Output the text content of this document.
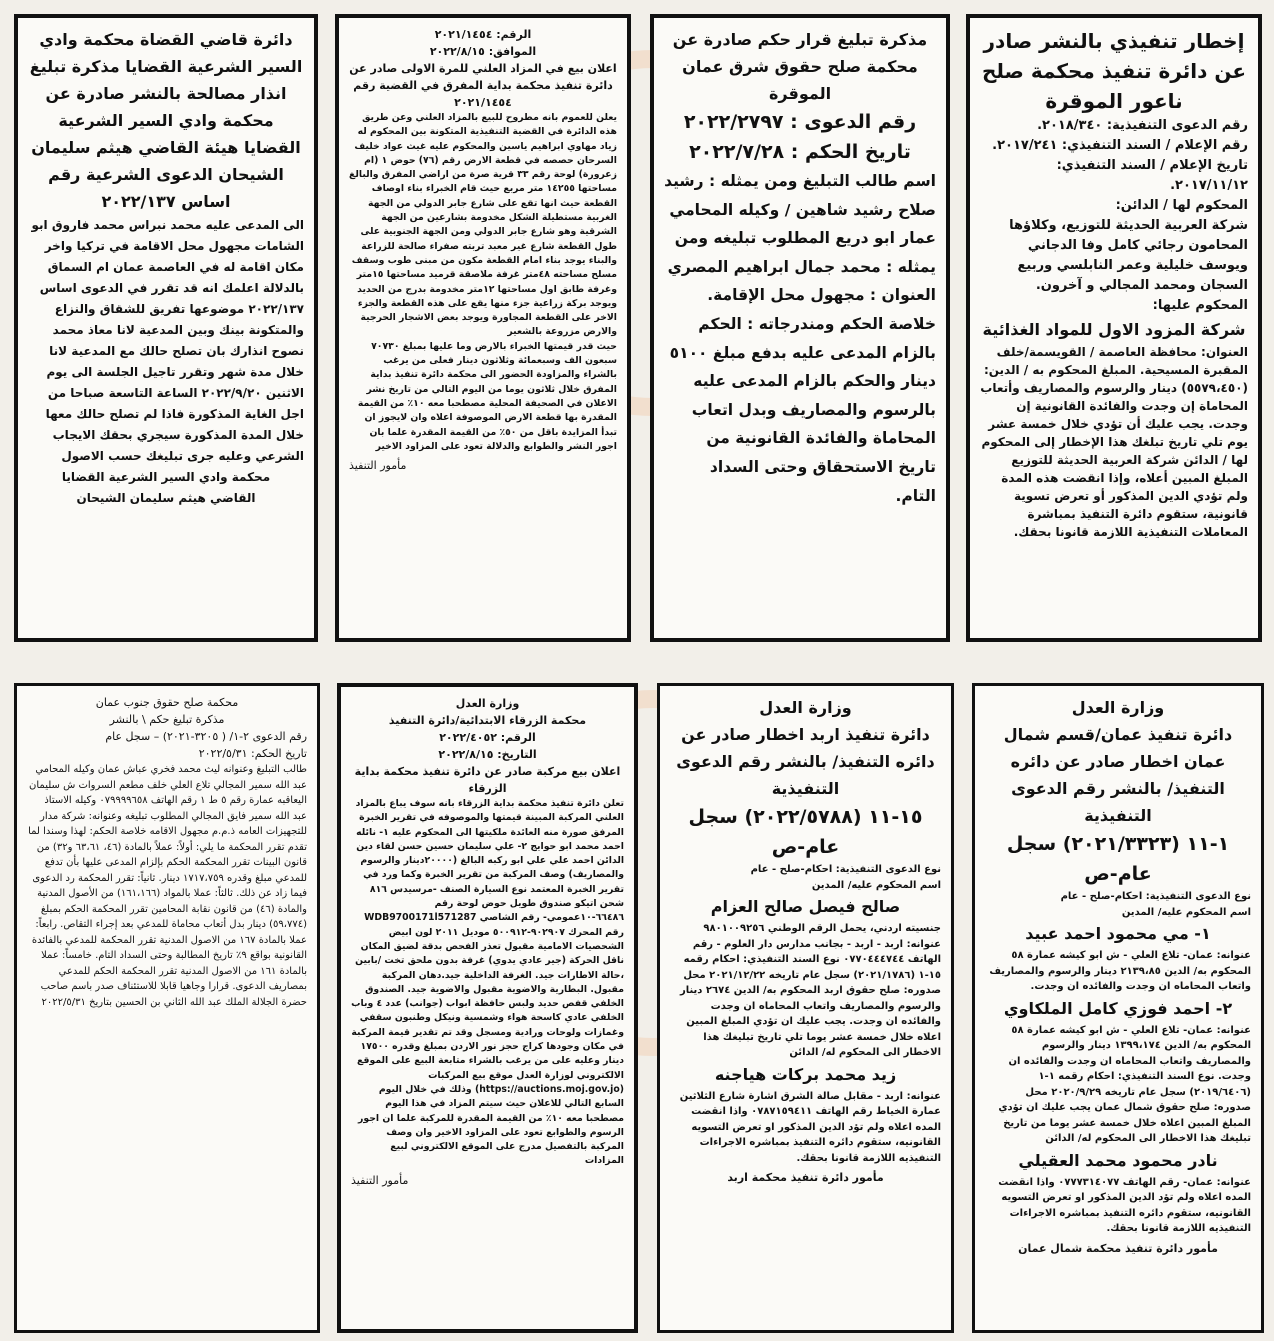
إخطار تنفيذي بالنشر صادر عن دائرة تنفيذ محكمة صلح ناعور الموقرة

رقم الدعوى التنفيذية: ٢٠١٨/٣٤٠.

رقم الإعلام / السند التنفيذي: ٢٠١٧/٢٤١.

تاريخ الإعلام / السند التنفيذي: ٢٠١٧/١١/١٢.

المحكوم لها / الدائن:

شركة العربية الحديثة للتوزيع، وكلاؤها المحامون رجائي كامل وفا الدجاني ويوسف خليلية وعمر النابلسي وربيع السجان ومحمد المجالي و آخرون.

المحكوم عليها:

شركة المزود الاول للمواد الغذائية

العنوان: محافظة العاصمة / القويسمة/خلف المقبرة المسيحية. المبلغ المحكوم به / الدين: (٥٥٧٩،٤٥٠) دينار والرسوم والمصاريف وأتعاب المحاماة إن وجدت والفائدة القانونية إن وجدت. يجب عليك أن تؤدي خلال خمسة عشر يوم تلي تاريخ تبلغك هذا الإخطار إلى المحكوم لها / الدائن شركة العربية الحديثة للتوزيع المبلغ المبين أعلاه، وإذا انقضت هذه المدة ولم تؤدي الدين المذكور أو تعرض تسوية قانونية، ستقوم دائرة التنفيذ بمباشرة المعاملات التنفيذية اللازمة قانونا بحقك.

مذكرة تبليغ قرار حكم صادرة عن محكمة صلح حقوق شرق عمان الموقرة

رقم الدعوى : ٢٠٢٢/٢٧٩٧

تاريخ الحكم : ٢٠٢٢/٧/٢٨

اسم طالب التبليغ ومن يمثله : رشيد صلاح رشيد شاهين / وكيله المحامي عمار ابو دريع المطلوب تبليغه ومن يمثله : محمد جمال ابراهيم المصري العنوان : مجهول محل الإقامة. خلاصة الحكم ومندرجاته : الحكم بالزام المدعى عليه بدفع مبلغ ٥١٠٠ دينار والحكم بالزام المدعى عليه بالرسوم والمصاريف وبدل اتعاب المحاماة والفائدة القانونية من تاريخ الاستحقاق وحتى السداد التام.

الرقم: ٢٠٢١/١٤٥٤

الموافق: ٢٠٢٢/٨/١٥

اعلان بيع في المزاد العلني للمرة الاولى صادر عن دائرة تنفيذ محكمة بداية المفرق في القضية رقم ٢٠٢١/١٤٥٤

يعلن للعموم بانه مطروح للبيع بالمزاد العلني وعن طريق هذه الدائرة في القضية التنفيذية المتكونة بين المحكوم له زياد مهاوي ابراهيم ياسين والمحكوم عليه غيث عواد خليف السرحان حصصه في قطعة الارض رقم (٧٦) حوض ١ (ام زعرورة) لوحة رقم ٣٣ قرية صرة من اراضي المفرق والبالغ مساحتها ١٤٢٥٥ متر مربع حيث قام الخبراء بناء اوصاف القطعة حيث انها تقع على شارع جابر الدولي من الجهة الغربية مستطيلة الشكل مخدومة بشارعين من الجهة الشرقية وهو شارع جابر الدولي ومن الجهة الجنوبية على طول القطعة شارع غير معبد تربته صفراء صالحة للزراعة والبناء يوجد بناء امام القطعة مكون من مبنى طوب وسقف مسلح مساحته ٤٨متر غرفة ملاصقة قرميد مساحتها ١٥متر وغرفة طابق اول مساحتها ١٢متر مخدومة بدرج من الحديد ويوجد بركة زراعية جزء منها يقع على هذه القطعة والجزء الاخر على القطعة المجاورة ويوجد بعض الاشجار الحرجية والارض مزروعة بالشعير

حيث قدر قيمتها الخبراء بالارض وما عليها بمبلغ ٧٠٧٣٠ سبعون الف وسبعمائة وثلاثون دينار فعلى من يرغب بالشراء والمزاودة الحضور الى محكمة دائرة تنفيذ بداية المفرق خلال ثلاثون يوما من اليوم التالي من تاريخ نشر الاعلان في الصحيفة المحلية مصطحبا معه ١٠٪ من القيمة المقدرة بها قطعة الارض الموصوفة اعلاه وان لايجوز ان تبدأ المزايدة باقل من ٥٠٪ من القيمة المقدرة علما بان اجور النشر والطوابع والدلالة تعود على المزاود الاخير

مأمور التنفيذ

دائرة قاضي القضاة محكمة وادي السير الشرعية القضايا مذكرة تبليغ انذار مصالحة بالنشر صادرة عن محكمة وادي السير الشرعية القضايا هيئة القاضي هيثم سليمان الشيحان الدعوى الشرعية رقم اساس ٢٠٢٢/١٣٧

الى المدعى عليه محمد نبراس محمد فاروق ابو الشامات مجهول محل الاقامة في تركيا واخر مكان اقامة له في العاصمة عمان ام السماق بالدلالة اعلمك انه قد تقرر في الدعوى اساس ٢٠٢٢/١٣٧ موضوعها تفريق للشقاق والنزاع والمتكونة بينك وبين المدعية لانا معاذ محمد نصوح انذارك بان تصلح حالك مع المدعية لانا خلال مدة شهر وتقرر تاجيل الجلسة الى يوم الاثنين ٢٠٢٢/٩/٢٠ الساعة التاسعة صباحا من اجل الغاية المذكورة فاذا لم تصلح حالك معها خلال المدة المذكورة سيجري بحقك الايجاب الشرعي وعليه جرى تبليغك حسب الاصول

محكمة وادي السير الشرعية القضايا

القاضي هيثم سليمان الشيحان

وزارة العدل

دائرة تنفيذ عمان/قسم شمال عمان اخطار صادر عن دائره التنفيذ/ بالنشر رقم الدعوى التنفيذية

١-١١ (٢٠٢١/٣٣٢٣) سجل عام-ص

نوع الدعوى التنفيذية: احكام-صلح - عام

اسم المحكوم عليه/ المدين

١- مي محمود احمد عبيد

عنوانه: عمان- تلاع العلي - ش ابو كيشه عمارة ٥٨ المحكوم به/ الدين ٢١٣٩،٨٥ دينار والرسوم والمصاريف واتعاب المحاماه ان وجدت والفائده ان وجدت.

٢- احمد فوزي كامل الملكاوي

عنوانه: عمان- تلاع العلي - ش ابو كيشه عمارة ٥٨ المحكوم به/ الدين ١٣٩٩،١٧٤ دينار والرسوم والمصاريف واتعاب المحاماه ان وجدت والفائده ان وجدت. نوع السند التنفيذي: احكام رقمه ١-١ (٢٠١٩/٦٤٠٦) سجل عام تاريخه ٢٠٢٠/٩/٢٩ محل صدوره: صلح حقوق شمال عمان يجب عليك ان تؤدي المبلغ المبين اعلاه خلال خمسة عشر يوما من تاريخ تبليغك هذا الاخطار الى المحكوم له/ الدائن

نادر محمود محمد العقيلي

عنوانه: عمان- رقم الهاتف ٠٧٧٧٣١٤٠٧٧ واذا انقضت المده اعلاه ولم تؤد الدين المذكور او تعرض التسويه القانونيه، ستقوم دائره التنفيذ بمباشره الاجراءات التنفيذيه اللازمة قانونا بحقك.

مأمور دائرة تنفيذ محكمة شمال عمان

وزارة العدل

دائرة تنفيذ اربد اخطار صادر عن دائره التنفيذ/ بالنشر رقم الدعوى التنفيذية

١٥-١١ (٢٠٢٢/٥٧٨٨) سجل عام-ص

نوع الدعوى التنفيذية: احكام-صلح - عام

اسم المحكوم عليه/ المدين

صالح فيصل صالح العزام

جنسيته اردني، يحمل الرقم الوطني ٩٨٠١٠٠٩٢٥٦ عنوانه: اربد - اربد - بجانب مدارس دار العلوم - رقم الهاتف ٠٧٧٠٤٤٤٧٤٤ نوع السند التنفيذي: احكام رقمه ١٥-١ (٢٠٢١/١٧٨٦) سجل عام تاريخه ٢٠٢١/١٢/٢٢ محل صدوره: صلح حقوق اربد المحكوم به/ الدين ٢٦٧٤ دينار والرسوم والمصاريف واتعاب المحاماه ان وجدت والفائده ان وجدت. يجب عليك ان تؤدي المبلغ المبين اعلاه خلال خمسة عشر يوما تلي تاريخ تبليغك هذا الاخطار الى المحكوم له/ الدائن

زيد محمد بركات هياجنه

عنوانه: اربد - مقابل صالة الشرق اشارة شارع الثلاثين عمارة الخياط رقم الهاتف ٠٧٨٧١٥٩٤١١ واذا انقضت المده اعلاه ولم تؤد الدين المذكور او تعرض التسويه القانونيه، ستقوم دائره التنفيذ بمباشره الاجراءات التنفيذيه اللازمة قانونا بحقك.

مأمور دائرة تنفيذ محكمة اربد

وزارة العدل

محكمة الزرقاء الابتدائية/دائرة التنفيذ

الرقم: ٢٠٢٢/٤٠٥٢

التاريخ: ٢٠٢٢/٨/١٥

اعلان بيع مركبة صادر عن دائرة تنفيذ محكمة بداية الزرقاء

تعلن دائرة تنفيذ محكمة بداية الزرقاء بانه سوف يباع بالمزاد العلني المركبة المبينة قيمتها والموصوفه في تقرير الخبرة المرفق صورة منه العائدة ملكيتها الى المحكوم عليه ١- نائله احمد محمد ابو حوايج ٢- علي سليمان حسين حسن لقاء دين الدائن احمد علي علي ابو ركبه البالغ (٢٠٠٠٠دينار والرسوم والمصاريف) وصف المركبة من تقرير الخبرة وكما ورد في تقرير الخبرة المعتمد نوع السيارة الصنف -مرسيدس ٨١٦ شحن اتيكو صندوق طويل حوض لوحة رقم ٦٦٤٨٦-١٠عمومي- رقم الشاصي WDB9700171l571287 رقم المحرك ٩٠٢٩٠٧-٥٠٠٩١٢ موديل ٢٠١١ لون ابيض الشحصيات الامامية مقبول تعذر الفحص بدقة لضيق المكان ناقل الحركة (جير عادي يدوي) غرفة بدون ملحق تخت /بابين ،حالة الاطارات جيد. الغرفة الداخلية جيد.دهان المركبة مقبول. البطارية والاضوية مقبول والاضوية جيد. الصندوق الخلفي قفص حديد ولبس حافظة ابواب (جوانب) عدد ٤ وباب الخلفي عادي كاسحة هواء وشمسية ونيكل وطنبون سقفي وغمازات ولوحات ورادية ومسجل وقد تم تقدير قيمة المركبة في مكان وجودها كراج حجز نور الاردن بمبلغ وقدره ١٧٥٠٠ دينار وعليه على من يرغب بالشراء متابعة البيع على الموقع الالكتروني لوزارة العدل موقع بيع المركبات (https://auctions.moj.gov.jo) وذلك في خلال اليوم السابع التالي للاعلان حيث سيتم المزاد في هذا اليوم مصطحبا معه ١٠٪ من القيمة المقدرة للمركبة علما ان اجور الرسوم والطوابع تعود على المزاود الاخير وان وصف المركبة بالتفصيل مدرج على الموقع الالكتروني لبيع المزادات

مأمور التنفيذ

محكمة صلح حقوق جنوب عمان

مذكرة تبليغ حكم \ بالنشر

رقم الدعوى ٢-١/ ( ٣٢٠٥-٢٠٢١) – سجل عام

تاريخ الحكم: ٢٠٢٢/٥/٣١

طالب التبليغ وعنوانه ليث محمد فخري عباش عمان وكيله المحامي عبد الله سمير المجالي تلاع العلي خلف مطعم السروات ش سليمان اليعاقبه عمارة رقم ٥ ط ١ رقم الهاتف ٠٧٩٩٩٩٦٥٨ وكيله الاستاذ عبد الله سمير فايق المجالي المطلوب تبليغه وعنوانه: شركة مدار للتجهيزات العامه ذ.م.م مجهول الاقامه خلاصة الحكم: لهذا وسندا لما تقدم تقرر المحكمة ما يلي: أولاً: عملاً بالمادة (٤٦، ٦٣،٦١ و٣٢) من قانون البينات تقرر المحكمة الحكم بإلزام المدعى عليها بأن تدفع للمدعي مبلغ وقدره ١٧١٧،٧٥٩ دينار. ثانياً: تقرر المحكمة رد الدعوى فيما زاد عن ذلك. ثالثاً: عملا بالمواد (١٦١،١٦٦) من الأصول المدنية والمادة (٤٦) من قانون نقابة المحامين تقرر المحكمة الحكم بمبلغ (٥٩،٧٧٤) دينار بدل أتعاب محاماة للمدعي بعد إجراء التقاص. رابعاً: عملا بالمادة ١٦٧ من الاصول المدنية تقرر المحكمة للمدعي بالفائدة القانونية بواقع ٩٪ تاريخ المطالبة وحتى السداد التام. خامساً: عملا بالمادة ١٦١ من الاصول المدنية تقرر المحكمة الحكم للمدعي بمصاريف الدعوى. قرارا وجاهيا قابلا للاستئناف صدر باسم صاحب حضرة الجلالة الملك عبد الله الثاني بن الحسين بتاريخ ٢٠٢٢/٥/٣١
